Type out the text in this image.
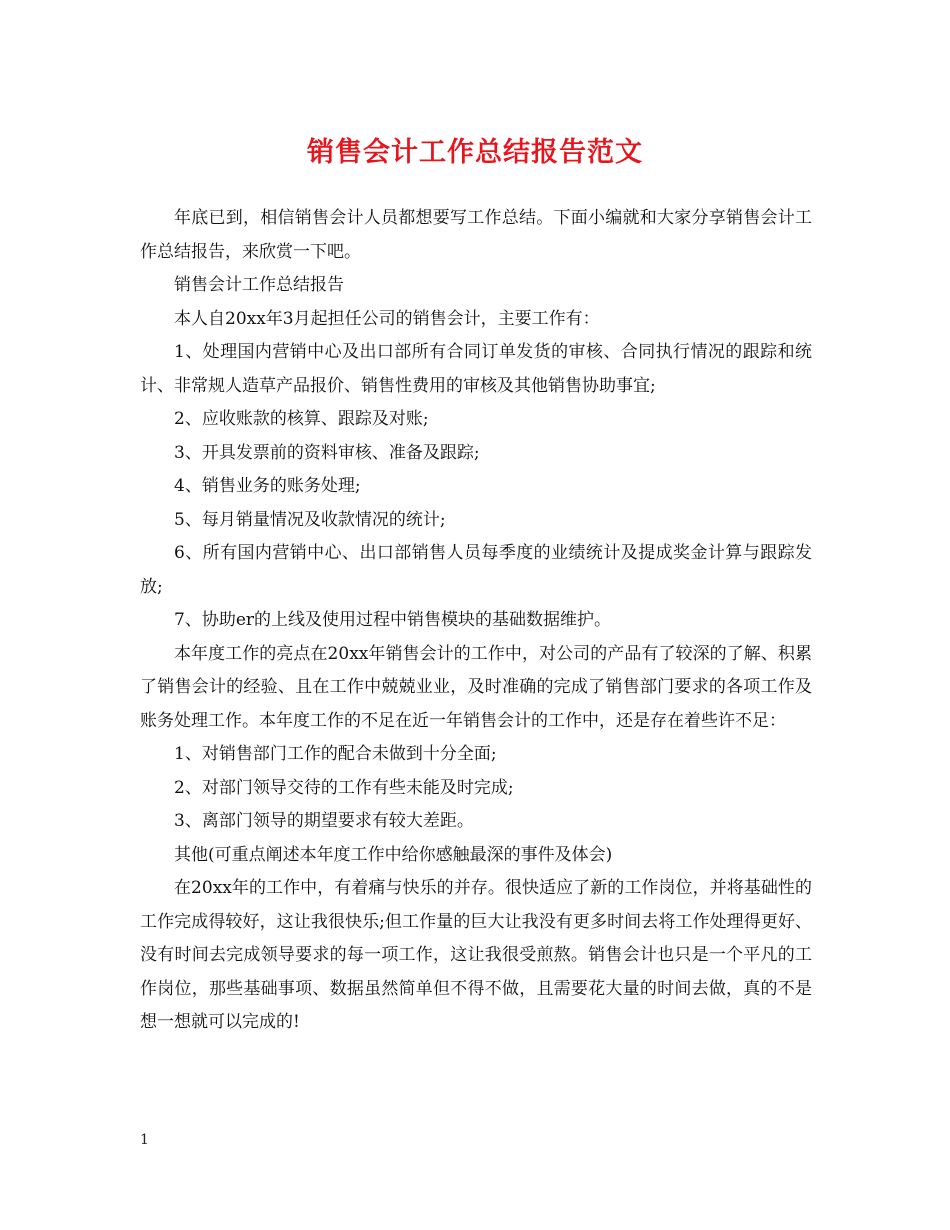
销售会计工作总结报告范文

年底已到，相信销售会计人员都想要写工作总结。下面小编就和大家分享销售会计工作总结报告，来欣赏一下吧。

销售会计工作总结报告

本人自20xx年3月起担任公司的销售会计，主要工作有：

1、处理国内营销中心及出口部所有合同订单发货的审核、合同执行情况的跟踪和统计、非常规人造草产品报价、销售性费用的审核及其他销售协助事宜;

2、应收账款的核算、跟踪及对账;

3、开具发票前的资料审核、准备及跟踪;

4、销售业务的账务处理;

5、每月销量情况及收款情况的统计;

6、所有国内营销中心、出口部销售人员每季度的业绩统计及提成奖金计算与跟踪发放;

7、协助er的上线及使用过程中销售模块的基础数据维护。

本年度工作的亮点在20xx年销售会计的工作中，对公司的产品有了较深的了解、积累了销售会计的经验、且在工作中兢兢业业，及时准确的完成了销售部门要求的各项工作及账务处理工作。本年度工作的不足在近一年销售会计的工作中，还是存在着些许不足：

1、对销售部门工作的配合未做到十分全面;

2、对部门领导交待的工作有些未能及时完成;

3、离部门领导的期望要求有较大差距。

其他(可重点阐述本年度工作中给你感触最深的事件及体会)

在20xx年的工作中，有着痛与快乐的并存。很快适应了新的工作岗位，并将基础性的工作完成得较好，这让我很快乐;但工作量的巨大让我没有更多时间去将工作处理得更好、没有时间去完成领导要求的每一项工作，这让我很受煎熬。销售会计也只是一个平凡的工作岗位，那些基础事项、数据虽然简单但不得不做，且需要花大量的时间去做，真的不是想一想就可以完成的!

1
